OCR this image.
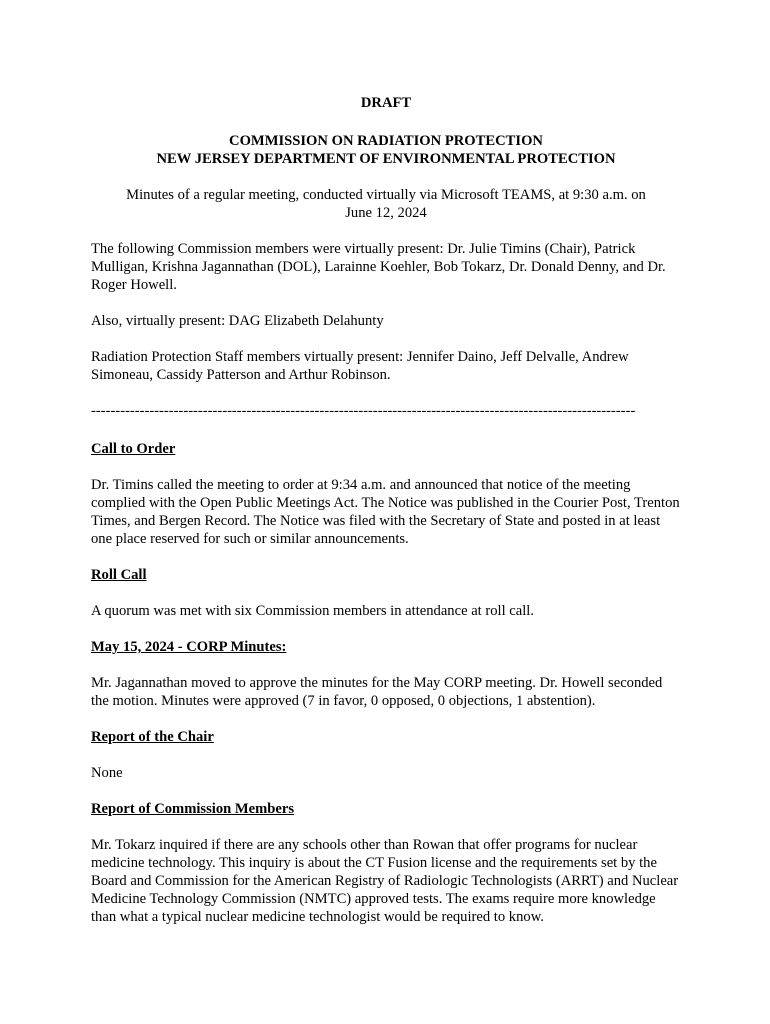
DRAFT

COMMISSION ON RADIATION PROTECTION

NEW JERSEY DEPARTMENT OF ENVIRONMENTAL PROTECTION

Minutes of a regular meeting, conducted virtually via Microsoft TEAMS, at 9:30 a.m. on

June 12, 2024

The following Commission members were virtually present: Dr. Julie Timins (Chair), Patrick Mulligan, Krishna Jagannathan (DOL), Larainne Koehler, Bob Tokarz, Dr. Donald Denny, and Dr. Roger Howell.

Also, virtually present: DAG Elizabeth Delahunty

Radiation Protection Staff members virtually present: Jennifer Daino, Jeff Delvalle, Andrew Simoneau, Cassidy Patterson and Arthur Robinson.

----------------------------------------------------------------------------------------------------------------

Call to Order

Dr. Timins called the meeting to order at 9:34 a.m. and announced that notice of the meeting complied with the Open Public Meetings Act. The Notice was published in the Courier Post, Trenton Times, and Bergen Record. The Notice was filed with the Secretary of State and posted in at least one place reserved for such or similar announcements.

Roll Call

A quorum was met with six Commission members in attendance at roll call.

May 15, 2024 - CORP Minutes:

Mr. Jagannathan moved to approve the minutes for the May CORP meeting. Dr. Howell seconded the motion. Minutes were approved (7 in favor, 0 opposed, 0 objections, 1 abstention).

Report of the Chair

None

Report of Commission Members

Mr. Tokarz inquired if there are any schools other than Rowan that offer programs for nuclear medicine technology. This inquiry is about the CT Fusion license and the requirements set by the Board and Commission for the American Registry of Radiologic Technologists (ARRT) and Nuclear Medicine Technology Commission (NMTC) approved tests. The exams require more knowledge than what a typical nuclear medicine technologist would be required to know.
